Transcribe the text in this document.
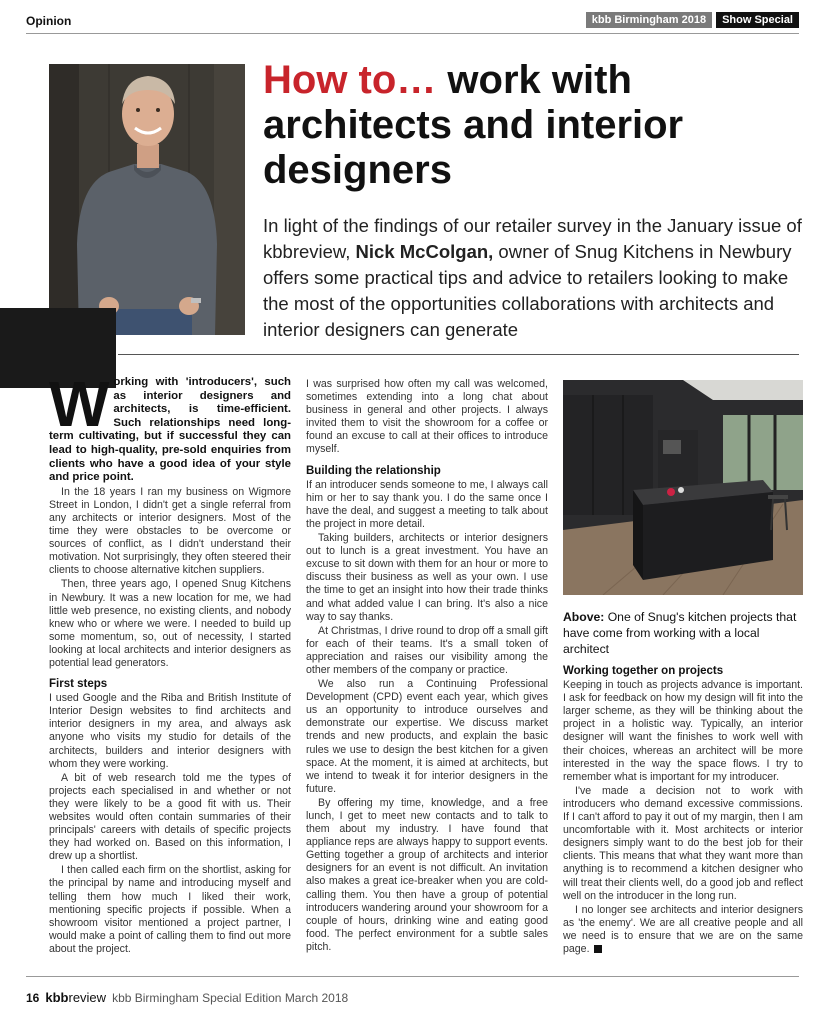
Opinion	kbb Birmingham 2018	Show Special
How to… work with architects and interior designers

In light of the findings of our retailer survey in the January issue of kbbreview, Nick McColgan, owner of Snug Kitchens in Newbury offers some practical tips and advice to retailers looking to make the most of the opportunities collaborations with architects and interior designers can generate

Working with 'introducers', such as interior designers and architects, is time-efficient. Such relationships need long-term cultivating, but if successful they can lead to high-quality, pre-sold enquiries from clients who have a good idea of your style and price point.

In the 18 years I ran my business on Wigmore Street in London, I didn't get a single referral from any architects or interior designers. Most of the time they were obstacles to be overcome or sources of conflict, as I didn't understand their motivation. Not surprisingly, they often steered their clients to choose alternative kitchen suppliers.

Then, three years ago, I opened Snug Kitchens in Newbury. It was a new location for me, we had little web presence, no existing clients, and nobody knew who or where we were. I needed to build up some momentum, so, out of necessity, I started looking at local architects and interior designers as potential lead generators.

First steps

I used Google and the Riba and British Institute of Interior Design websites to find architects and interior designers in my area, and always ask anyone who visits my studio for details of the architects, builders and interior designers with whom they were working.

A bit of web research told me the types of projects each specialised in and whether or not they were likely to be a good fit with us. Their websites would often contain summaries of their principals' careers with details of specific projects they had worked on. Based on this information, I drew up a shortlist.

I then called each firm on the shortlist, asking for the principal by name and introducing myself and telling them how much I liked their work, mentioning specific projects if possible. When a showroom visitor mentioned a project partner, I would make a point of calling them to find out more about the project.

I was surprised how often my call was welcomed, sometimes extending into a long chat about business in general and other projects. I always invited them to visit the showroom for a coffee or found an excuse to call at their offices to introduce myself.

Building the relationship

If an introducer sends someone to me, I always call him or her to say thank you. I do the same once I have the deal, and suggest a meeting to talk about the project in more detail.

Taking builders, architects or interior designers out to lunch is a great investment. You have an excuse to sit down with them for an hour or more to discuss their business as well as your own. I use the time to get an insight into how their trade thinks and what added value I can bring. It's also a nice way to say thanks.

At Christmas, I drive round to drop off a small gift for each of their teams. It's a small token of appreciation and raises our visibility among the other members of the company or practice.

We also run a Continuing Professional Development (CPD) event each year, which gives us an opportunity to introduce ourselves and demonstrate our expertise. We discuss market trends and new products, and explain the basic rules we use to design the best kitchen for a given space. At the moment, it is aimed at architects, but we intend to tweak it for interior designers in the future.

By offering my time, knowledge, and a free lunch, I get to meet new contacts and to talk to them about my industry. I have found that appliance reps are always happy to support events. Getting together a group of architects and interior designers for an event is not difficult. An invitation also makes a great ice-breaker when you are cold-calling them. You then have a group of potential introducers wandering around your showroom for a couple of hours, drinking wine and eating good food. The perfect environment for a subtle sales pitch.

Above: One of Snug's kitchen projects that have come from working with a local architect

Working together on projects

Keeping in touch as projects advance is important. I ask for feedback on how my design will fit into the larger scheme, as they will be thinking about the project in a holistic way. Typically, an interior designer will want the finishes to work well with their choices, whereas an architect will be more interested in the way the space flows. I try to remember what is important for my introducer.

I've made a decision not to work with introducers who demand excessive commissions. If I can't afford to pay it out of my margin, then I am uncomfortable with it. Most architects or interior designers simply want to do the best job for their clients. This means that what they want more than anything is to recommend a kitchen designer who will treat their clients well, do a good job and reflect well on the introducer in the long run.

I no longer see architects and interior designers as 'the enemy'. We are all creative people and all we need is to ensure that we are on the same page.

16 kbbreview kbb Birmingham Special Edition March 2018
